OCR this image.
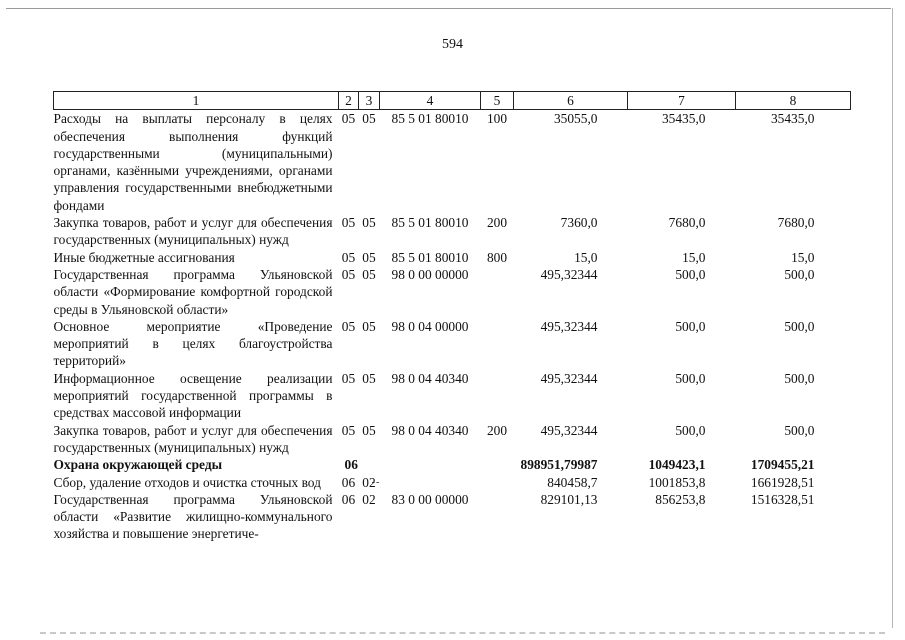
594
1	2	3	4	5	6	7	8
Расходы на выплаты персоналу в целях обеспечения выполнения функций государственными (муниципальными) органами, казёнными учреждениями, органами управления государственными внебюджетными фондами	05	05	85 5 01 80010	100	35055,0	35435,0	35435,0
Закупка товаров, работ и услуг для обеспечения государственных (муниципальных) нужд	05	05	85 5 01 80010	200	7360,0	7680,0	7680,0
Иные бюджетные ассигнования	05	05	85 5 01 80010	800	15,0	15,0	15,0
Государственная программа Ульяновской области «Формирование комфортной городской среды в Ульяновской области»	05	05	98 0 00 00000		495,32344	500,0	500,0
Основное мероприятие «Проведение мероприятий в целях благоустройства территорий»	05	05	98 0 04 00000		495,32344	500,0	500,0
Информационное освещение реализации мероприятий государственной программы в средствах массовой информации	05	05	98 0 04 40340		495,32344	500,0	500,0
Закупка товаров, работ и услуг для обеспечения государственных (муниципальных) нужд	05	05	98 0 04 40340	200	495,32344	500,0	500,0
Охрана окружающей среды	06				898951,79987	1049423,1	1709455,21
Сбор, удаление отходов и очистка сточных вод	06	02			840458,7	1001853,8	1661928,51
Государственная программа Ульяновской области «Развитие жилищно-коммунального хозяйства и повышение энергетиче-	06	02	83 0 00 00000		829101,13	856253,8	1516328,51
